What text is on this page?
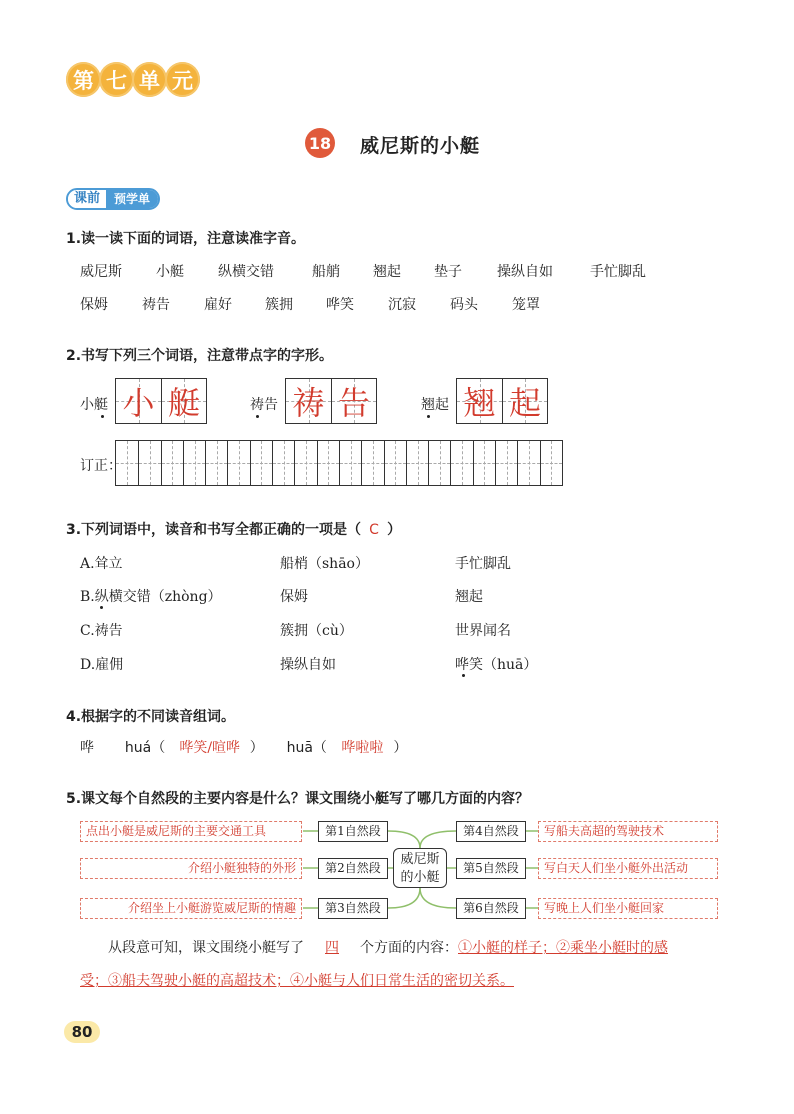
第 七 单 元
18 威尼斯的小艇
课前	预学单
1.读一读下面的词语，注意读准字音。
威尼斯 小艇 纵横交错	船艄 翘起 垫子	操纵自如	手忙脚乱
保姆 祷告 雇好 簇拥 哗笑 沉寂 码头 笼罩
2.书写下列三个词语，注意带点字的字形。
小艇 小 艇	祷告 祷 告	翘起 翘 起
订正：
3.下列词语中，读音和书写全都正确的一项是（ C ）
A.耸立	船梢（shāo）	手忙脚乱
B.纵横交错（zhòng）	保姆	翘起
C.祷告	簇拥（cù）	世界闻名
D.雇佣	操纵自如	哗笑（huā）
4.根据字的不同读音组词。
哗 huá（ 哗笑/喧哗 ） huā（ 哗啦啦 ）
5.课文每个自然段的主要内容是什么？课文围绕小艇写了哪几方面的内容？
点出小艇是威尼斯的主要交通工具
介绍小艇独特的外形
介绍坐上小艇游览威尼斯的情趣
第1自然段
第2自然段
第3自然段
威尼斯
的小艇
第4自然段
第5自然段
第6自然段
写船夫高超的驾驶技术
写白天人们坐小艇外出活动
写晚上人们坐小艇回家
从段意可知，课文围绕小艇写了 四 个方面的内容：①小艇的样子；②乘坐小艇时的感
受；③船夫驾驶小艇的高超技术；④小艇与人们日常生活的密切关系。
80
